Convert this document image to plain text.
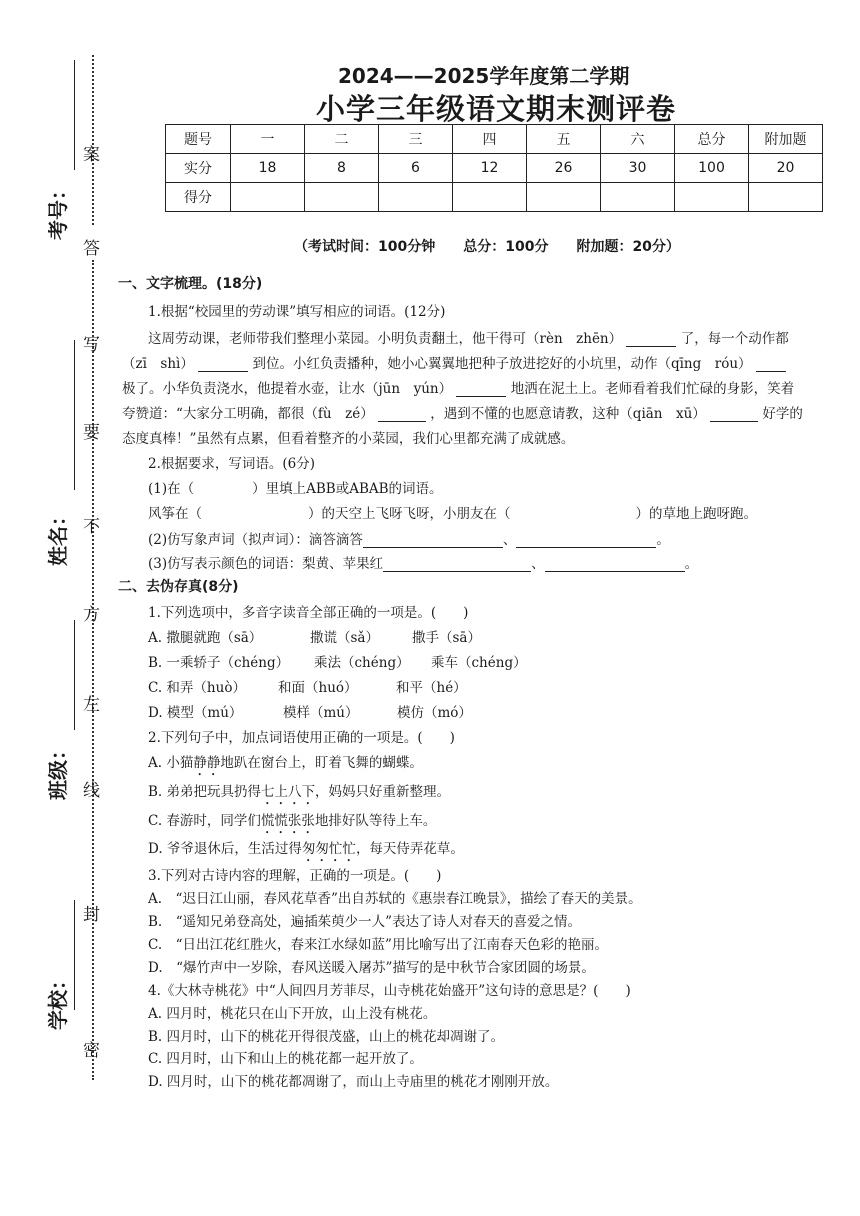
密
封
线
左
方
不
要
写
答
案
学校：
班级：
姓名：
考号：
2024——2025学年度第二学期
小学三年级语文期末测评卷
题号	一	二	三	四	五	六	总分	附加题
实分	18	8	6	12	26	30	100	20
得分								
（考试时间：100分钟　　总分：100分　　附加题：20分）
一、文字梳理。(18分)
1.根据“校园里的劳动课”填写相应的词语。(12分)
这周劳动课，老师带我们整理小菜园。小明负责翻土，他干得可（rèn　zhēn）	了，每一个动作都
（zī　shì）	到位。小红负责播种，她小心翼翼地把种子放进挖好的小坑里，动作（qīng　róu）
极了。小华负责浇水，他提着水壶，让水（jūn　yún）	地洒在泥土上。老师看着我们忙碌的身影，笑着
夸赞道：“大家分工明确，都很（fù　zé）	，遇到不懂的也愿意请教，这种（qiān　xū）	好学的
态度真棒！”虽然有点累，但看着整齐的小菜园，我们心里都充满了成就感。
2.根据要求，写词语。(6分)
(1)在（	）里填上ABB或ABAB的词语。
风筝在（	）的天空上飞呀飞呀，小朋友在（	）的草地上跑呀跑。
(2)仿写象声词（拟声词）：滴答滴答	、	。
(3)仿写表示颜色的词语：梨黄、苹果红	、	。
二、去伪存真(8分)
1.下列选项中，多音字读音全部正确的一项是。(　　)
A. 撒腿就跑（sā）	撒谎（sǎ） 撒手（sā）
B. 一乘轿子（chéng） 乘法（chéng） 乘车（chéng）
C. 和弄（huò） 和面（huó）	和平（hé）
D. 模型（mú）	模样（mú）	模仿（mó）
2.下列句子中，加点词语使用正确的一项是。(　　)
A. 小猫静静地趴在窗台上，盯着飞舞的蝴蝶。
B. 弟弟把玩具扔得七上八下，妈妈只好重新整理。
C. 春游时，同学们慌慌张张地排好队等待上车。
D. 爷爷退休后，生活过得匆匆忙忙，每天侍弄花草。
3.下列对古诗内容的理解，正确的一项是。(　　)
A.　“迟日江山丽，春风花草香”出自苏轼的《惠崇春江晚景》，描绘了春天的美景。
B.　“遥知兄弟登高处，遍插茱萸少一人”表达了诗人对春天的喜爱之情。
C.　“日出江花红胜火，春来江水绿如蓝”用比喻写出了江南春天色彩的艳丽。
D.　“爆竹声中一岁除，春风送暖入屠苏”描写的是中秋节合家团圆的场景。
4.《大林寺桃花》中“人间四月芳菲尽，山寺桃花始盛开”这句诗的意思是？(　　)
A. 四月时，桃花只在山下开放，山上没有桃花。
B. 四月时，山下的桃花开得很茂盛，山上的桃花却凋谢了。
C. 四月时，山下和山上的桃花都一起开放了。
D. 四月时，山下的桃花都凋谢了，而山上寺庙里的桃花才刚刚开放。
